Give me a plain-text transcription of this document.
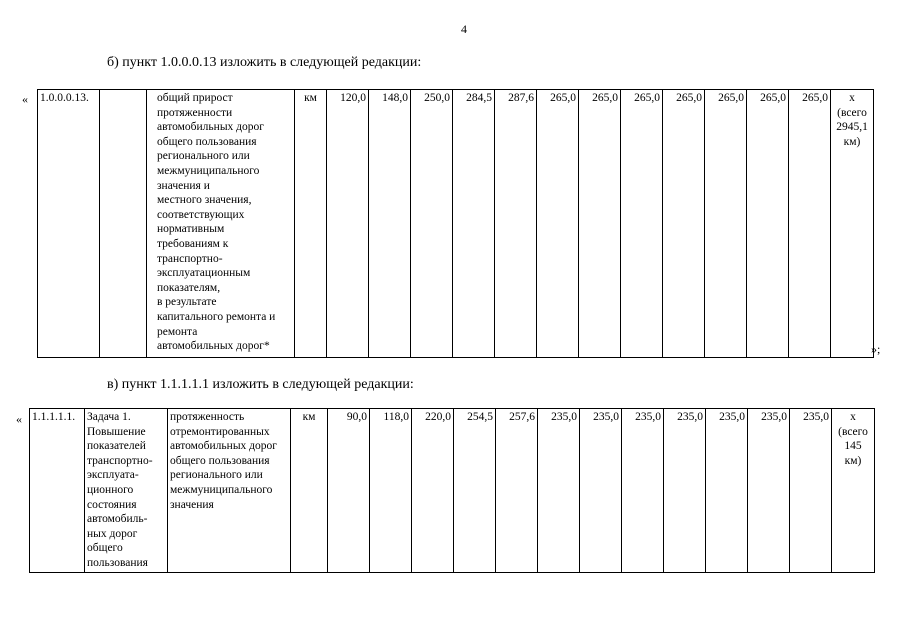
4
б) пункт 1.0.0.0.13 изложить в следующей редакции:
« 1.0.0.0.13.		общий прирост
протяженности
автомобильных дорог
общего пользования
регионального или
межмуниципального
значения и
местного значения,
соответствующих
нормативным
требованиям к
транспортно-
эксплуатационным
показателям,
в результате
капитального ремонта и
ремонта
автомобильных дорог*	км	120,0	148,0	250,0	284,5	287,6	265,0	265,0	265,0	265,0	265,0	265,0	265,0	х
(всего
2945,1
км)
»;
в) пункт 1.1.1.1.1 изложить в следующей редакции:
« 1.1.1.1.1.	Задача 1.
Повышение
показателей
транспортно-
эксплуата-
ционного
состояния
автомобиль-
ных дорог
общего
пользования	протяженность
отремонтированных
автомобильных дорог
общего пользования
регионального или
межмуниципального
значения	км	90,0	118,0	220,0	254,5	257,6	235,0	235,0	235,0	235,0	235,0	235,0	235,0	х
(всего
145
км)
